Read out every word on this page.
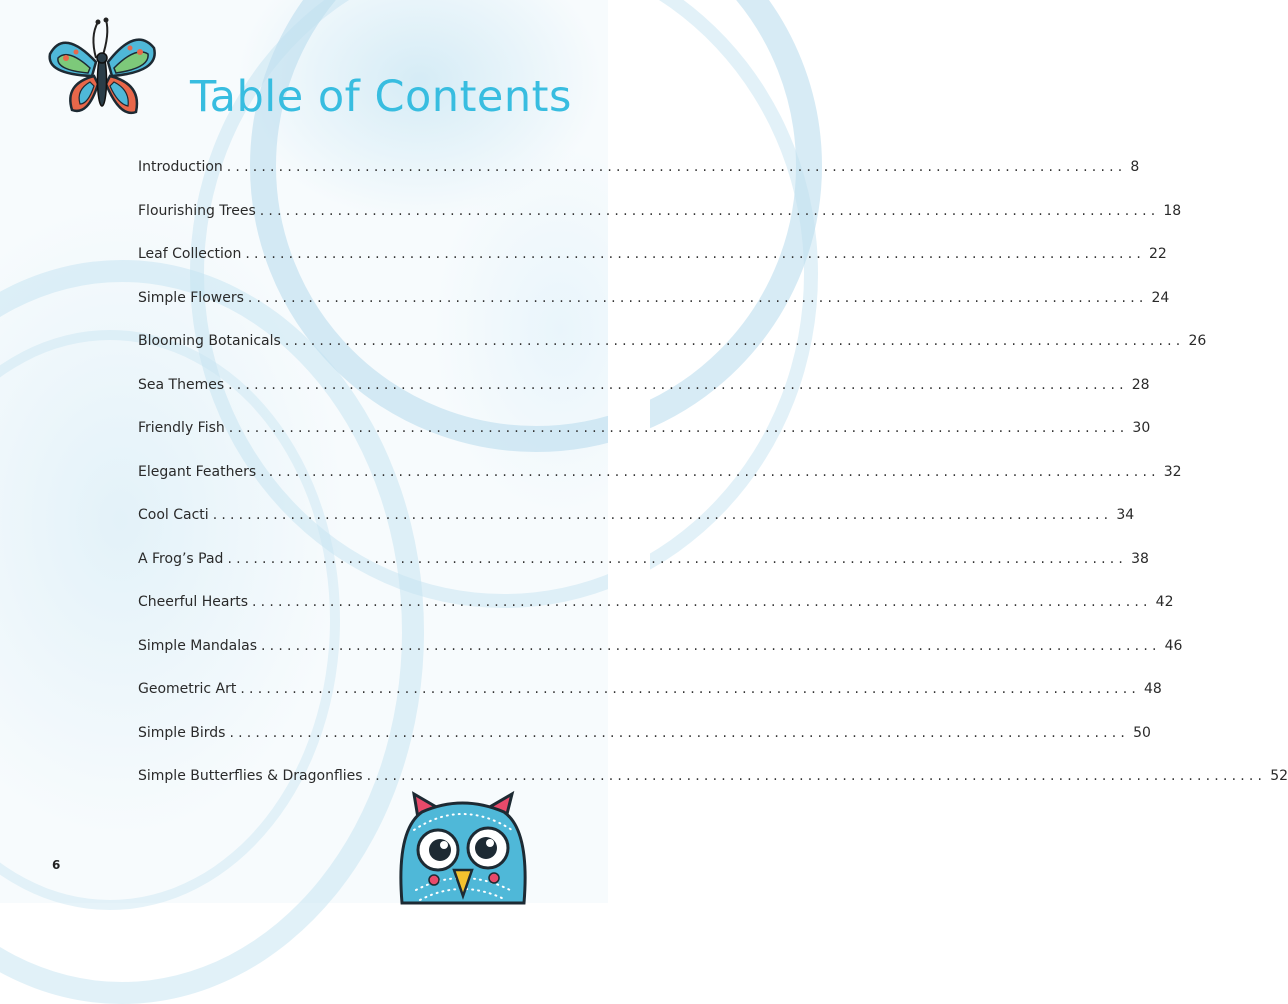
Table of Contents
Introduction ........................................................................................................ 8
Flourishing Trees ........................................................................................................ 18
Leaf Collection ........................................................................................................ 22
Simple Flowers ........................................................................................................ 24
Blooming Botanicals ........................................................................................................ 26
Sea Themes ........................................................................................................ 28
Friendly Fish ........................................................................................................ 30
Elegant Feathers ........................................................................................................ 32
Cool Cacti ........................................................................................................ 34
A Frog’s Pad ........................................................................................................ 38
Cheerful Hearts ........................................................................................................ 42
Simple Mandalas ........................................................................................................ 46
Geometric Art ........................................................................................................ 48
Simple Birds ........................................................................................................ 50
Simple Butterflies & Dragonflies ........................................................................................................ 52
6
